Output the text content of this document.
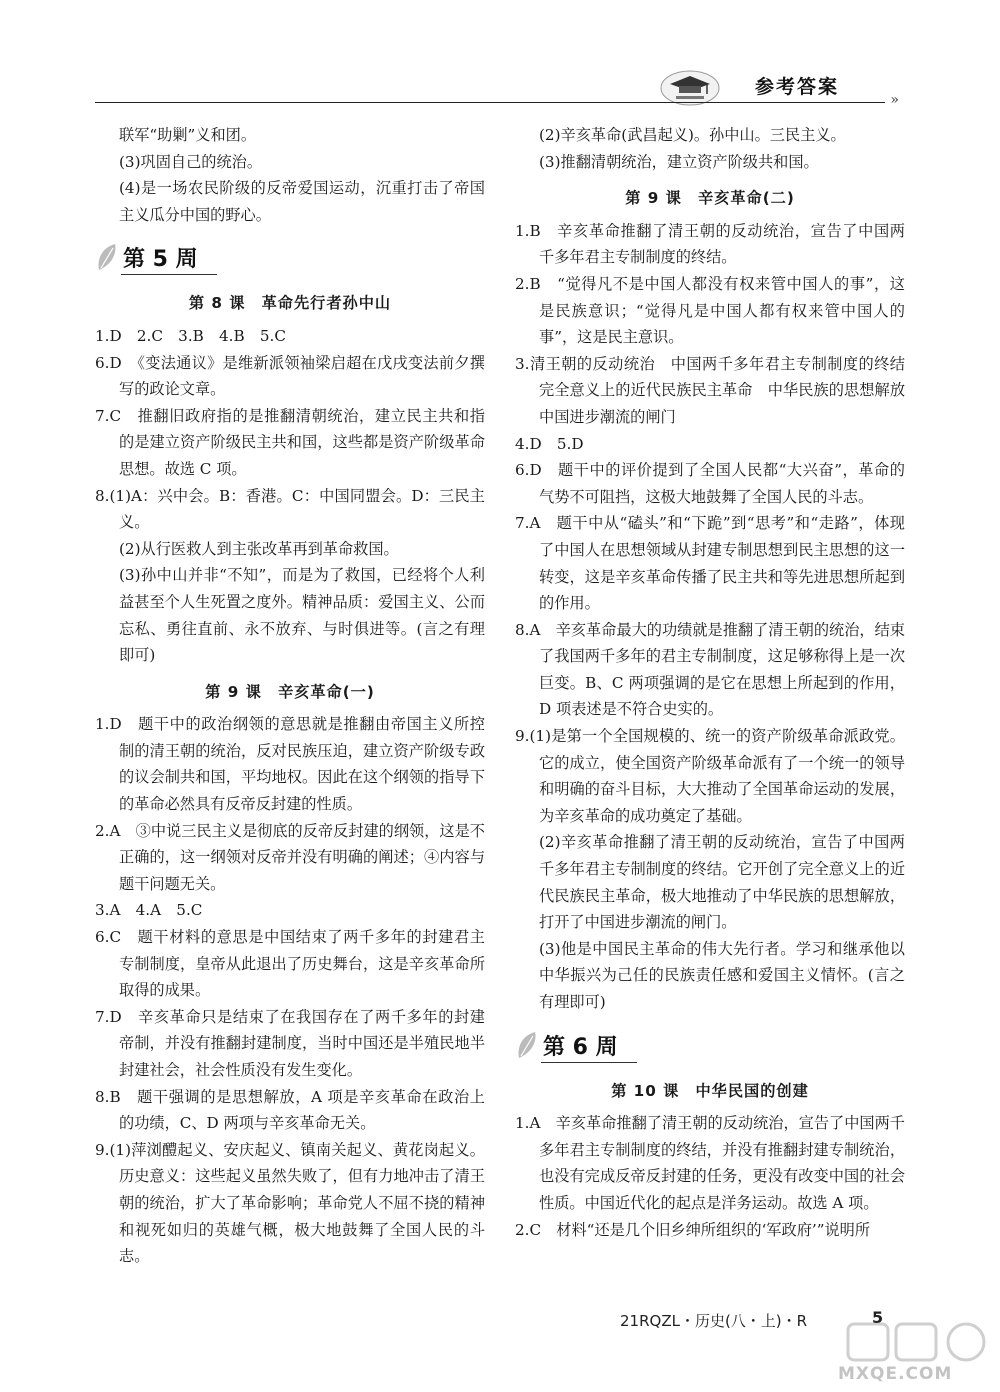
参考答案
»

联军“助剿”义和团。

(3)巩固自己的统治。

(4)是一场农民阶级的反帝爱国运动，沉重打击了帝国主义瓜分中国的野心。

第 5 周

第 8 课　革命先行者孙中山

1.D　2.C　3.B　4.B　5.C

6.D　《变法通议》是维新派领袖梁启超在戊戌变法前夕撰写的政论文章。

7.C　推翻旧政府指的是推翻清朝统治，建立民主共和指的是建立资产阶级民主共和国，这些都是资产阶级革命思想。故选 C 项。

8.(1)A：兴中会。B：香港。C：中国同盟会。D：三民主义。

(2)从行医救人到主张改革再到革命救国。

(3)孙中山并非“不知”，而是为了救国，已经将个人利益甚至个人生死置之度外。精神品质：爱国主义、公而忘私、勇往直前、永不放弃、与时俱进等。(言之有理即可)

第 9 课　辛亥革命(一)

1.D　题干中的政治纲领的意思就是推翻由帝国主义所控制的清王朝的统治，反对民族压迫，建立资产阶级专政的议会制共和国，平均地权。因此在这个纲领的指导下的革命必然具有反帝反封建的性质。

2.A　③中说三民主义是彻底的反帝反封建的纲领，这是不正确的，这一纲领对反帝并没有明确的阐述；④内容与题干问题无关。

3.A　4.A　5.C

6.C　题干材料的意思是中国结束了两千多年的封建君主专制制度，皇帝从此退出了历史舞台，这是辛亥革命所取得的成果。

7.D　辛亥革命只是结束了在我国存在了两千多年的封建帝制，并没有推翻封建制度，当时中国还是半殖民地半封建社会，社会性质没有发生变化。

8.B　题干强调的是思想解放，A 项是辛亥革命在政治上的功绩，C、D 两项与辛亥革命无关。

9.(1)萍浏醴起义、安庆起义、镇南关起义、黄花岗起义。历史意义：这些起义虽然失败了，但有力地冲击了清王朝的统治，扩大了革命影响；革命党人不屈不挠的精神和视死如归的英雄气概，极大地鼓舞了全国人民的斗志。

(2)辛亥革命(武昌起义)。孙中山。三民主义。

(3)推翻清朝统治，建立资产阶级共和国。

第 9 课　辛亥革命(二)

1.B　辛亥革命推翻了清王朝的反动统治，宣告了中国两千多年君主专制制度的终结。

2.B　“觉得凡不是中国人都没有权来管中国人的事”，这是民族意识；“觉得凡是中国人都有权来管中国人的事”，这是民主意识。

3.清王朝的反动统治　中国两千多年君主专制制度的终结　完全意义上的近代民族民主革命　中华民族的思想解放　中国进步潮流的闸门

4.D　5.D

6.D　题干中的评价提到了全国人民都“大兴奋”，革命的气势不可阻挡，这极大地鼓舞了全国人民的斗志。

7.A　题干中从“磕头”和“下跪”到“思考”和“走路”，体现了中国人在思想领域从封建专制思想到民主思想的这一转变，这是辛亥革命传播了民主共和等先进思想所起到的作用。

8.A　辛亥革命最大的功绩就是推翻了清王朝的统治，结束了我国两千多年的君主专制制度，这足够称得上是一次巨变。B、C 两项强调的是它在思想上所起到的作用，D 项表述是不符合史实的。

9.(1)是第一个全国规模的、统一的资产阶级革命派政党。它的成立，使全国资产阶级革命派有了一个统一的领导和明确的奋斗目标，大大推动了全国革命运动的发展，为辛亥革命的成功奠定了基础。

(2)辛亥革命推翻了清王朝的反动统治，宣告了中国两千多年君主专制制度的终结。它开创了完全意义上的近代民族民主革命，极大地推动了中华民族的思想解放，打开了中国进步潮流的闸门。

(3)他是中国民主革命的伟大先行者。学习和继承他以中华振兴为己任的民族责任感和爱国主义情怀。(言之有理即可)

第 6 周

第 10 课　中华民国的创建

1.A　辛亥革命推翻了清王朝的反动统治，宣告了中国两千多年君主专制制度的终结，并没有推翻封建专制统治，也没有完成反帝反封建的任务，更没有改变中国的社会性质。中国近代化的起点是洋务运动。故选 A 项。

2.C　材料“还是几个旧乡绅所组织的‘军政府’”说明所

21RQZL・历史(八・上)・R	5
MXQE.COM
